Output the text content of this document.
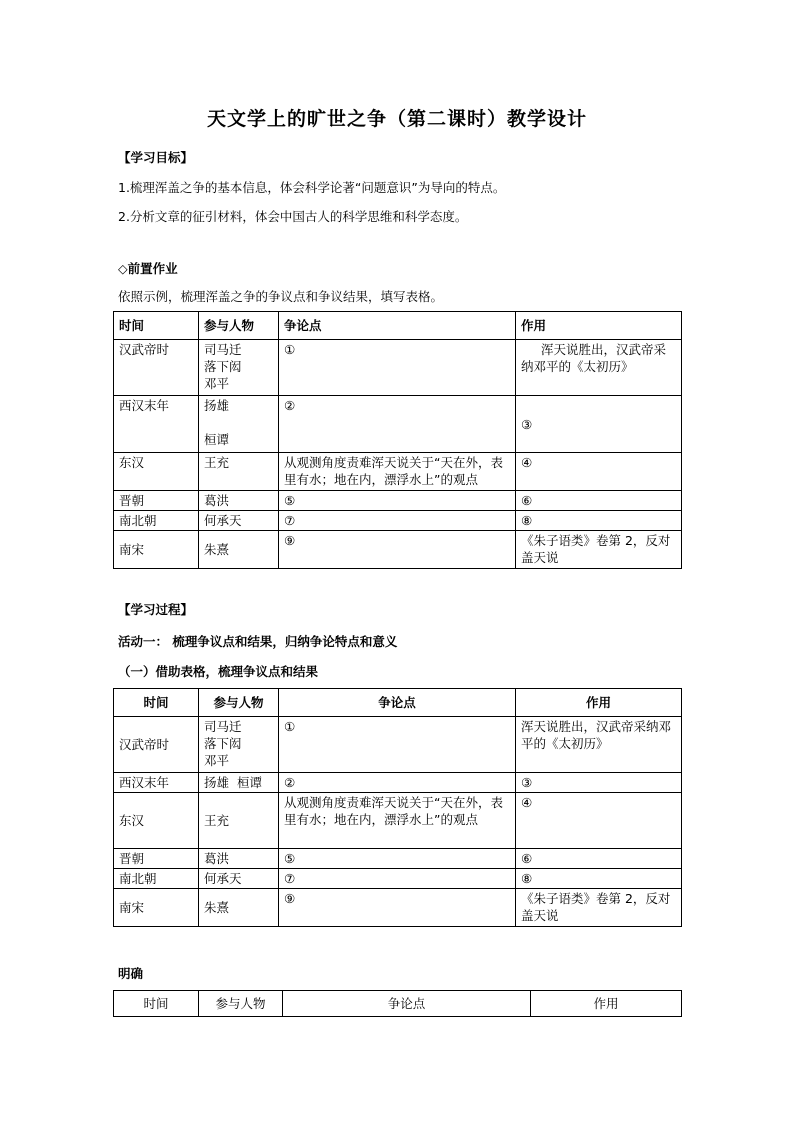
天文学上的旷世之争（第二课时）教学设计
【学习目标】
1.梳理浑盖之争的基本信息，体会科学论著“问题意识”为导向的特点。
2.分析文章的征引材料，体会中国古人的科学思维和科学态度。
◇前置作业
依照示例，梳理浑盖之争的争议点和争议结果，填写表格。
时间	参与人物	争论点	作用
汉武帝时	司马迁
落下闳
邓平	①	浑天说胜出，汉武帝采纳邓平的《太初历》
西汉末年	扬雄
桓谭	②	③
东汉	王充	从观测角度责难浑天说关于“天在外，表里有水；地在内，漂浮水上”的观点	④
晋朝	葛洪	⑤	⑥
南北朝	何承天	⑦	⑧
南宋	朱熹	⑨	《朱子语类》卷第 2，反对盖天说
【学习过程】
活动一： 梳理争议点和结果，归纳争论特点和意义
（一）借助表格，梳理争议点和结果
时间	参与人物	争论点	作用
汉武帝时	司马迁
落下闳
邓平	①	浑天说胜出，汉武帝采纳邓平的《太初历》
西汉末年	扬雄  桓谭	②	③
东汉	王充	从观测角度责难浑天说关于“天在外，表里有水；地在内，漂浮水上”的观点	④
晋朝	葛洪	⑤	⑥
南北朝	何承天	⑦	⑧
南宋	朱熹	⑨	《朱子语类》卷第 2，反对盖天说
明确
时间	参与人物	争论点	作用
